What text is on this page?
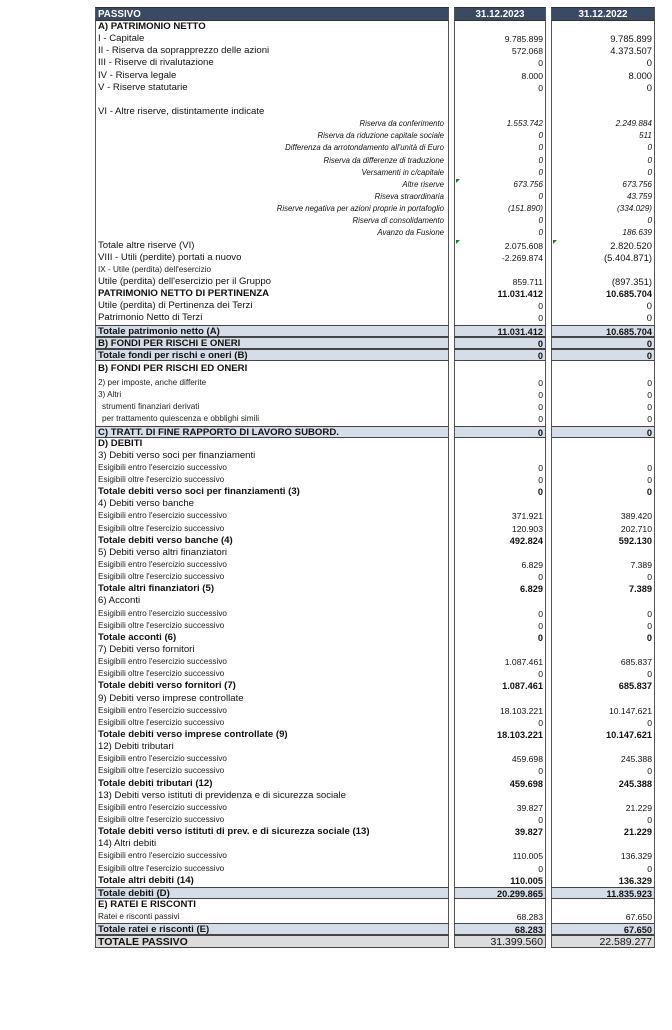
PASSIVO	31.12.2023	31.12.2022
A) PATRIMONIO NETTO
I - Capitale	9.785.899	9.785.899
II - Riserva da soprapprezzo delle azioni	572.068	4.373.507
III - Riserve di rivalutazione	0	0
IV - Riserva legale	8.000	8.000
V - Riserve statutarie	0	0
VI - Altre riserve, distintamente indicate
Riserva da conferimento	1.553.742	2.249.884
Riserva da riduzione capitale sociale	0	511
Differenza da arrotondamento all'unità di Euro	0	0
Riserva da differenze di traduzione	0	0
Versamenti in c/capitale	0	0
Altre riserve	673.756	673.756
Riseva straordinaria	0	43.759
Riserve negativa per azioni proprie in portafoglio	(151.890)	(334.029)
Riserva di consolidamento	0	0
Avanzo da Fusione	0	186.639
Totale altre riserve (VI)	2.075.608	2.820.520
VIII - Utili (perdite) portati a nuovo	-2.269.874	(5.404.871)
IX - Utile (perdita) dell'esercizio
Utile (perdita) dell'esercizio per il Gruppo	859.711	(897.351)
PATRIMONIO NETTO DI PERTINENZA	11.031.412	10.685.704
Utile (perdita) di Pertinenza dei Terzi	0	0
Patrimonio Netto di Terzi	0	0
Totale patrimonio netto (A)	11.031.412	10.685.704
B) FONDI PER RISCHI E ONERI	0	0
Totale fondi per rischi e oneri (B)	0	0
B) FONDI PER RISCHI ED ONERI
2) per imposte, anche differite	0	0
3) Altri	0	0
strumenti finanziari derivati	0	0
per trattamento quiescenza e obblighi simili	0	0
C) TRATT. DI FINE RAPPORTO DI LAVORO SUBORD.	0	0
D) DEBITI
3) Debiti verso soci per finanziamenti
Esigibili entro l'esercizio successivo	0	0
Esigibili oltre l'esercizio successivo	0	0
Totale debiti verso soci per finanziamenti (3)	0	0
4) Debiti verso banche
Esigibili entro l'esercizio successivo	371.921	389.420
Esigibili oltre l'esercizio successivo	120.903	202.710
Totale debiti verso banche (4)	492.824	592.130
5) Debiti verso altri finanziatori
Esigibili entro l'esercizio successivo	6.829	7.389
Esigibili oltre l'esercizio successivo	0	0
Totale altri finanziatori (5)	6.829	7.389
6) Acconti
Esigibili entro l'esercizio successivo	0	0
Esigibili oltre l'esercizio successivo	0	0
Totale acconti (6)	0	0
7) Debiti verso fornitori
Esigibili entro l'esercizio successivo	1.087.461	685.837
Esigibili oltre l'esercizio successivo	0	0
Totale debiti verso fornitori (7)	1.087.461	685.837
9) Debiti verso imprese controllate
Esigibili entro l'esercizio successivo	18.103.221	10.147.621
Esigibili oltre l'esercizio successivo	0	0
Totale debiti verso imprese controllate (9)	18.103.221	10.147.621
12) Debiti tributari
Esigibili entro l'esercizio successivo	459.698	245.388
Esigibili oltre l'esercizio successivo	0	0
Totale debiti tributari (12)	459.698	245.388
13) Debiti verso istituti di previdenza e di sicurezza sociale
Esigibili entro l'esercizio successivo	39.827	21.229
Esigibili oltre l'esercizio successivo	0	0
Totale debiti verso istituti di prev. e di sicurezza sociale (13)	39.827	21.229
14) Altri debiti
Esigibili entro l'esercizio successivo	110.005	136.329
Esigibili oltre l'esercizio successivo	0	0
Totale altri debiti (14)	110.005	136.329
Totale debiti (D)	20.299.865	11.835.923
E) RATEI E RISCONTI
Ratei e risconti passivi	68.283	67.650
Totale ratei e risconti (E)	68.283	67.650
TOTALE PASSIVO	31.399.560	22.589.277
